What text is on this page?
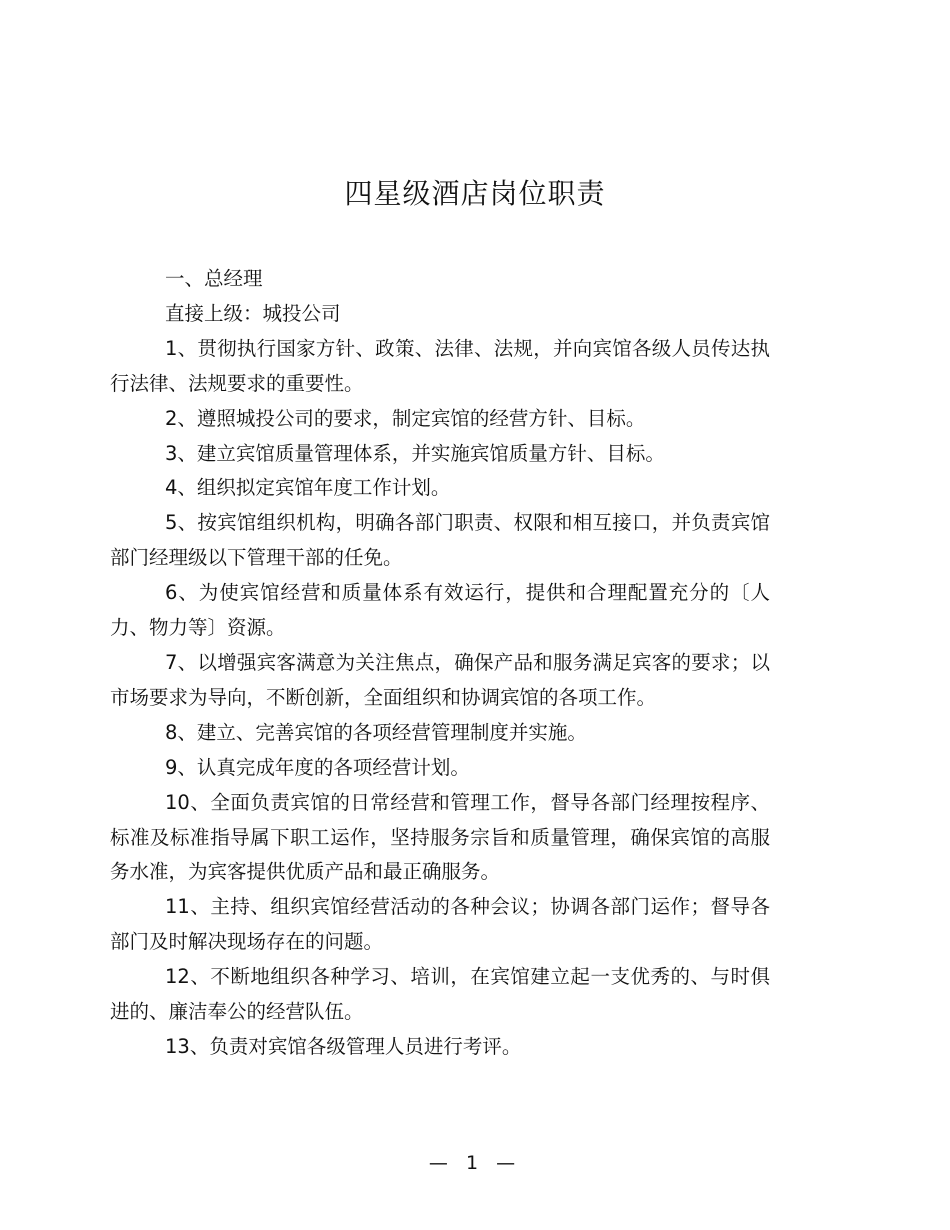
四星级酒店岗位职责

一、总经理

直接上级：城投公司

1、贯彻执行国家方针、政策、法律、法规，并向宾馆各级人员传达执行法律、法规要求的重要性。

2、遵照城投公司的要求，制定宾馆的经营方针、目标。

3、建立宾馆质量管理体系，并实施宾馆质量方针、目标。

4、组织拟定宾馆年度工作计划。

5、按宾馆组织机构，明确各部门职责、权限和相互接口，并负责宾馆部门经理级以下管理干部的任免。

6、为使宾馆经营和质量体系有效运行，提供和合理配置充分的〔人力、物力等〕资源。

7、以增强宾客满意为关注焦点，确保产品和服务满足宾客的要求；以市场要求为导向，不断创新，全面组织和协调宾馆的各项工作。

8、建立、完善宾馆的各项经营管理制度并实施。

9、认真完成年度的各项经营计划。

10、全面负责宾馆的日常经营和管理工作，督导各部门经理按程序、标准及标准指导属下职工运作，坚持服务宗旨和质量管理，确保宾馆的高服务水准，为宾客提供优质产品和最正确服务。

11、主持、组织宾馆经营活动的各种会议；协调各部门运作；督导各部门及时解决现场存在的问题。

12、不断地组织各种学习、培训，在宾馆建立起一支优秀的、与时俱进的、廉洁奉公的经营队伍。

13、负责对宾馆各级管理人员进行考评。

— 1 —
